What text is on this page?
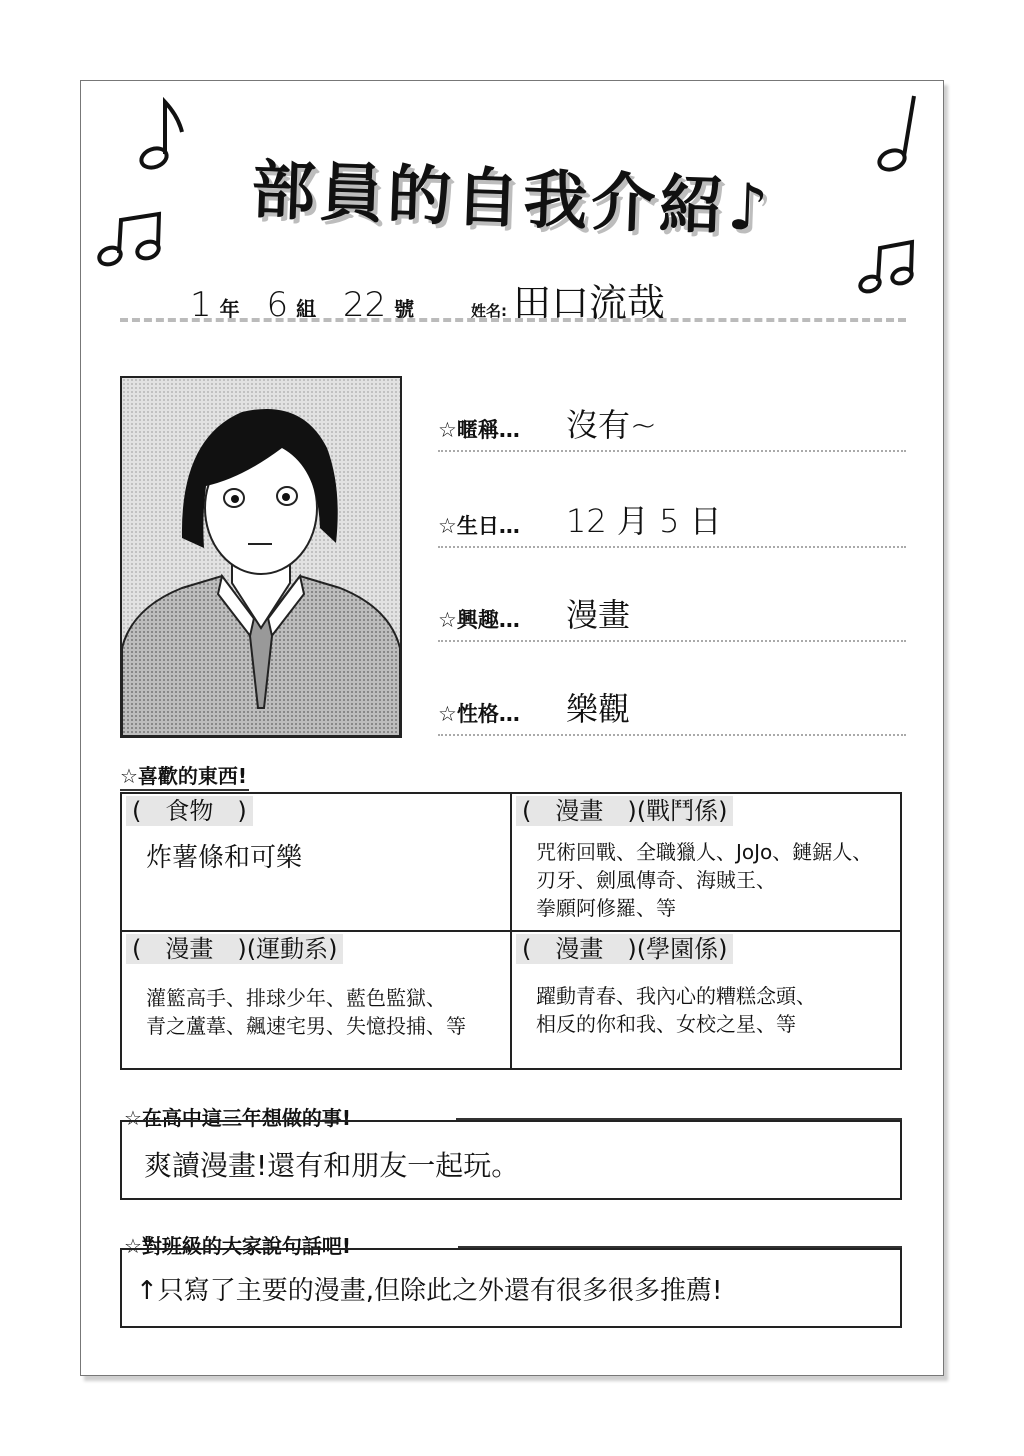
部員的自我介紹♪
1 年 6 組 22 號	姓名: 田口流哉
☆暱稱… 沒有~
☆生日… 12 月 5 日
☆興趣… 漫畫
☆性格… 樂觀
☆喜歡的東西!
(　食物　)
炸薯條和可樂
(　漫畫　)(戰鬥係)
咒術回戰、全職獵人、JoJo、鏈鋸人、
刃牙、劍風傳奇、海賊王、
拳願阿修羅、等
(　漫畫　)(運動系)
灌籃高手、排球少年、藍色監獄、
青之蘆葦、飆速宅男、失憶投捕、等
(　漫畫　)(學園係)
躍動青春、我內心的糟糕念頭、
相反的你和我、女校之星、等
☆在高中這三年想做的事!
爽讀漫畫!還有和朋友一起玩。
☆對班級的大家說句話吧!
↑只寫了主要的漫畫,但除此之外還有很多很多推薦!
